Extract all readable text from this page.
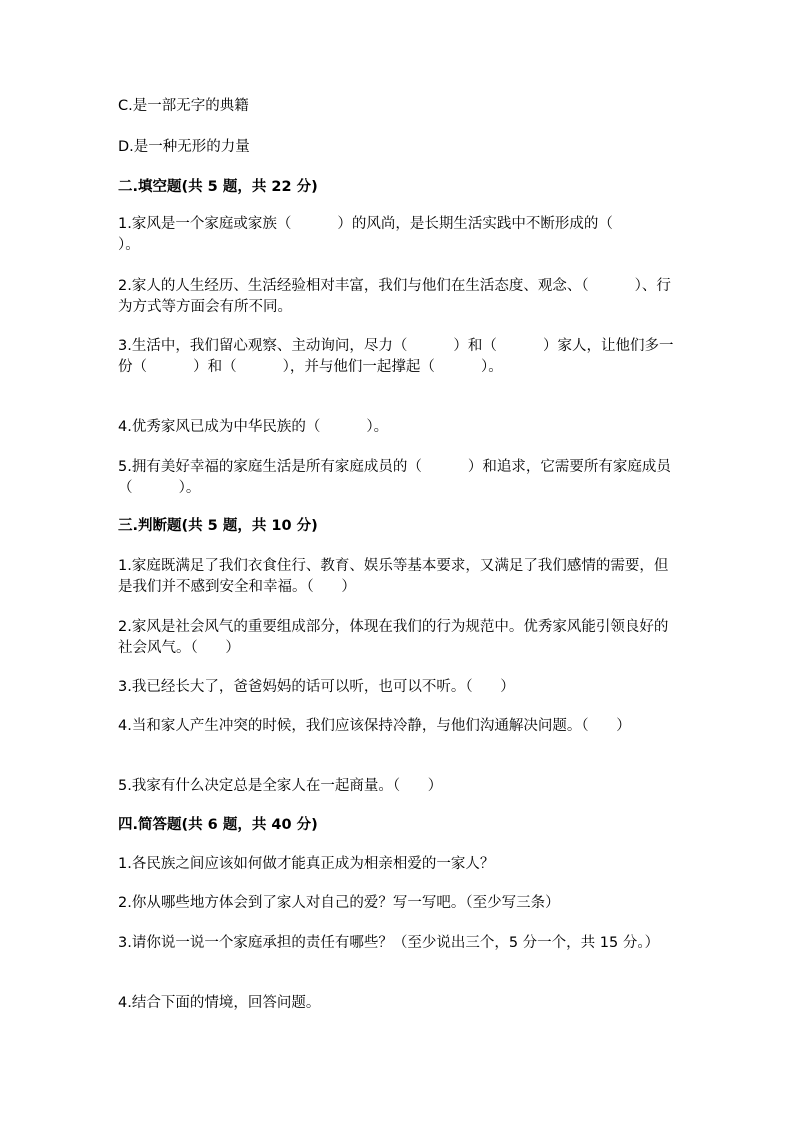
C.是一部无字的典籍
D.是一种无形的力量
二.填空题(共 5 题，共 22 分)
1.家风是一个家庭或家族（          ）的风尚，是长期生活实践中不断形成的（          ）。
2.家人的人生经历、生活经验相对丰富，我们与他们在生活态度、观念、（          ）、行为方式等方面会有所不同。
3.生活中，我们留心观察、主动询问，尽力（          ）和（          ）家人，让他们多一份（          ）和（          ），并与他们一起撑起（          ）。
4.优秀家风已成为中华民族的（          ）。
5.拥有美好幸福的家庭生活是所有家庭成员的（          ）和追求，它需要所有家庭成员（          ）。
三.判断题(共 5 题，共 10 分)
1.家庭既满足了我们衣食住行、教育、娱乐等基本要求，又满足了我们感情的需要，但是我们并不感到安全和幸福。（      ）
2.家风是社会风气的重要组成部分，体现在我们的行为规范中。优秀家风能引领良好的社会风气。（      ）
3.我已经长大了，爸爸妈妈的话可以听，也可以不听。（      ）
4.当和家人产生冲突的时候，我们应该保持冷静，与他们沟通解决问题。（      ）
5.我家有什么决定总是全家人在一起商量。（      ）
四.简答题(共 6 题，共 40 分)
1.各民族之间应该如何做才能真正成为相亲相爱的一家人？
2.你从哪些地方体会到了家人对自己的爱？写一写吧。（至少写三条）
3.请你说一说一个家庭承担的责任有哪些？（至少说出三个，5 分一个，共 15 分。）
4.结合下面的情境，回答问题。
